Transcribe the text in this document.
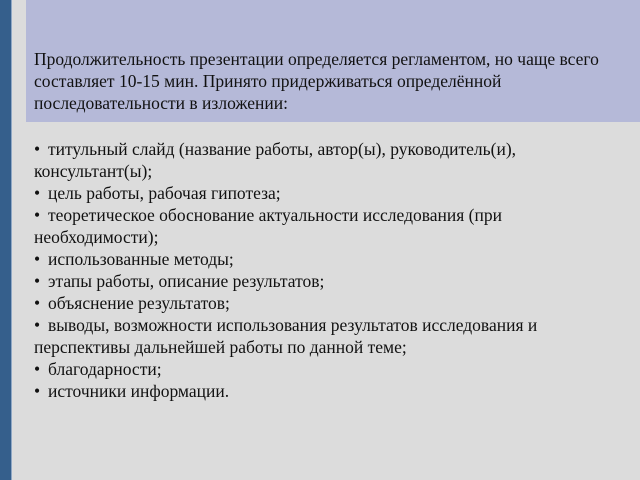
Продолжительность презентации определяется регламентом, но чаще всего составляет 10-15 мин. Принято придерживаться определённой последовательности в изложении:

• титульный слайд (название работы, автор(ы), руководитель(и), консультант(ы);
• цель работы, рабочая гипотеза;
• теоретическое обоснование актуальности исследования (при необходимости);
• использованные методы;
• этапы работы, описание результатов;
• объяснение результатов;
• выводы, возможности использования результатов исследования и перспективы дальнейшей работы по данной теме;
• благодарности;
• источники информации.
